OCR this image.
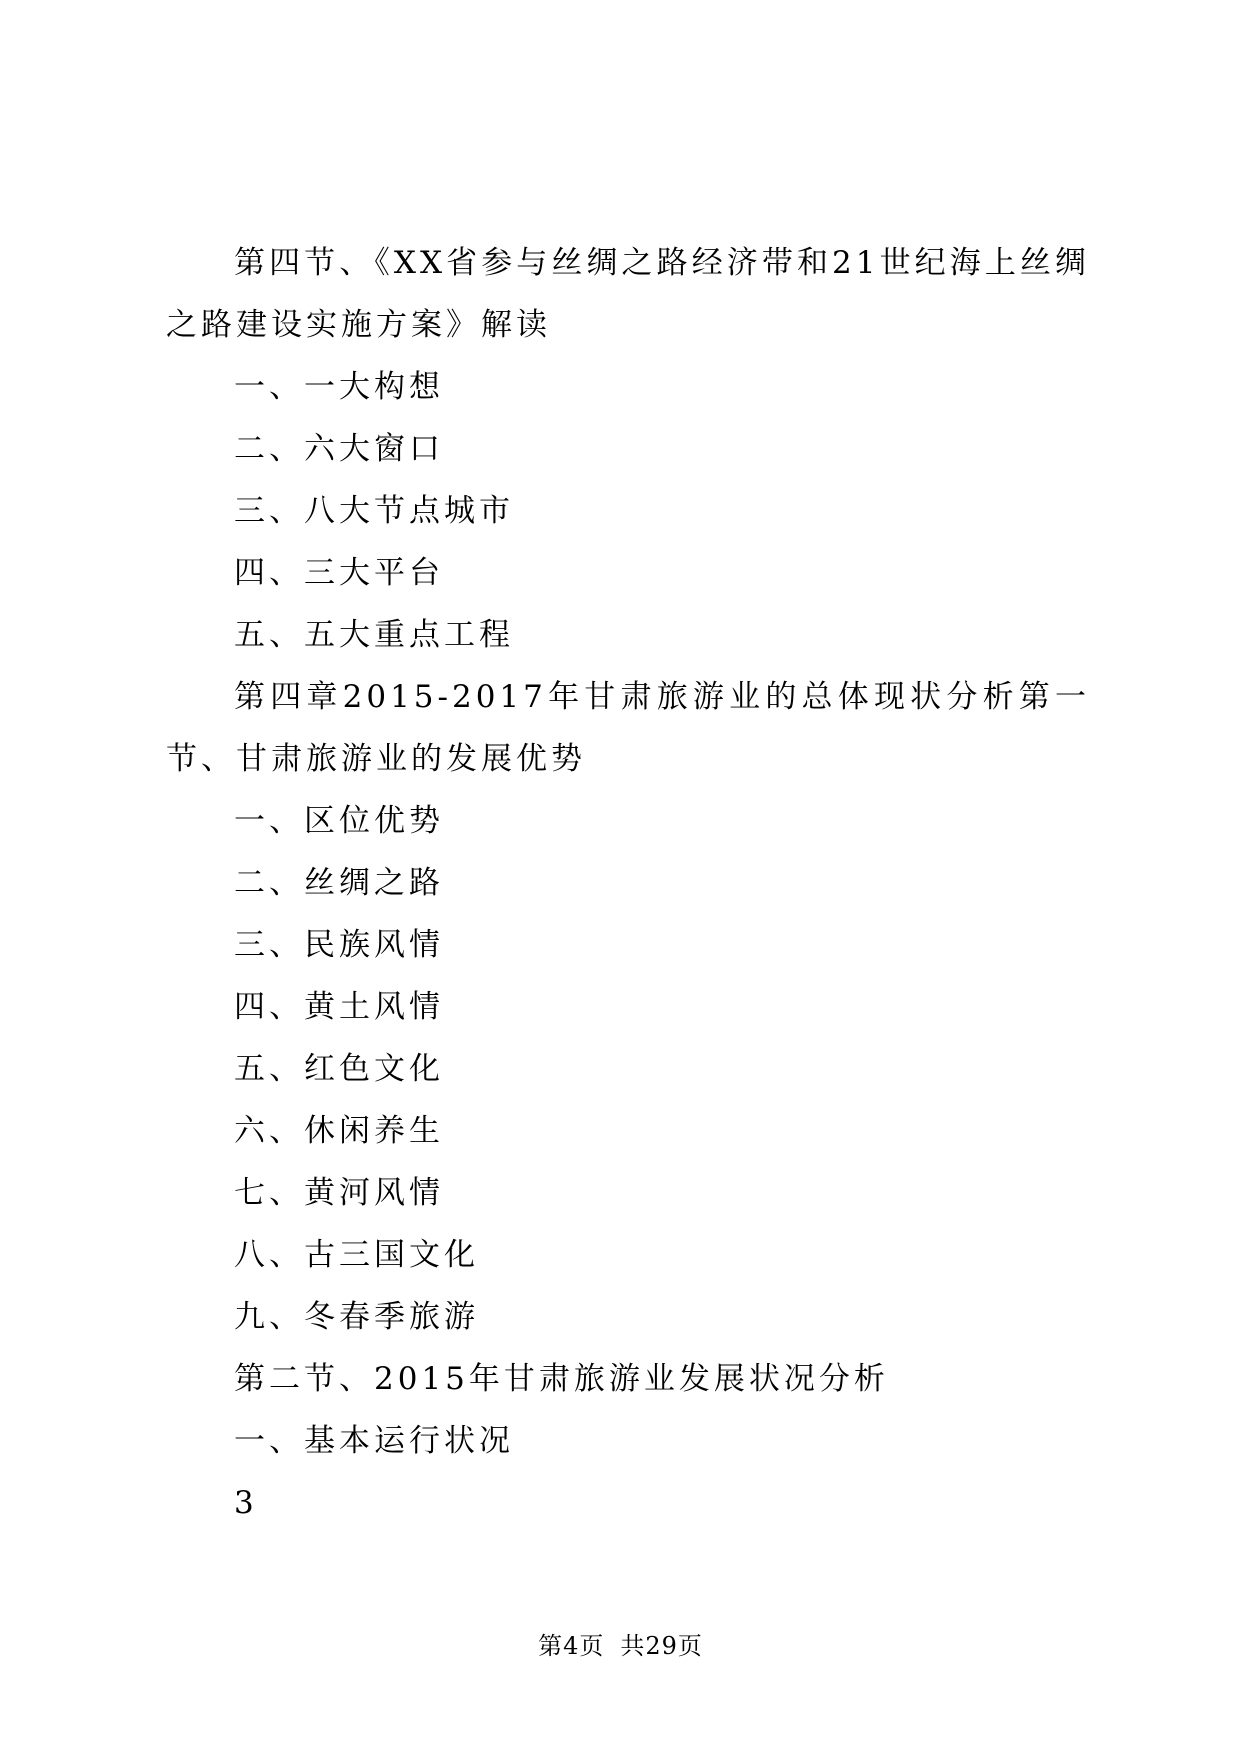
第四节、《XX省参与丝绸之路经济带和21世纪海上丝绸之路建设实施方案》解读

一、一大构想

二、六大窗口

三、八大节点城市

四、三大平台

五、五大重点工程

第四章2015-2017年甘肃旅游业的总体现状分析第一节、甘肃旅游业的发展优势

一、区位优势

二、丝绸之路

三、民族风情

四、黄土风情

五、红色文化

六、休闲养生

七、黄河风情

八、古三国文化

九、冬春季旅游

第二节、2015年甘肃旅游业发展状况分析

一、基本运行状况

3

第4页 共29页
